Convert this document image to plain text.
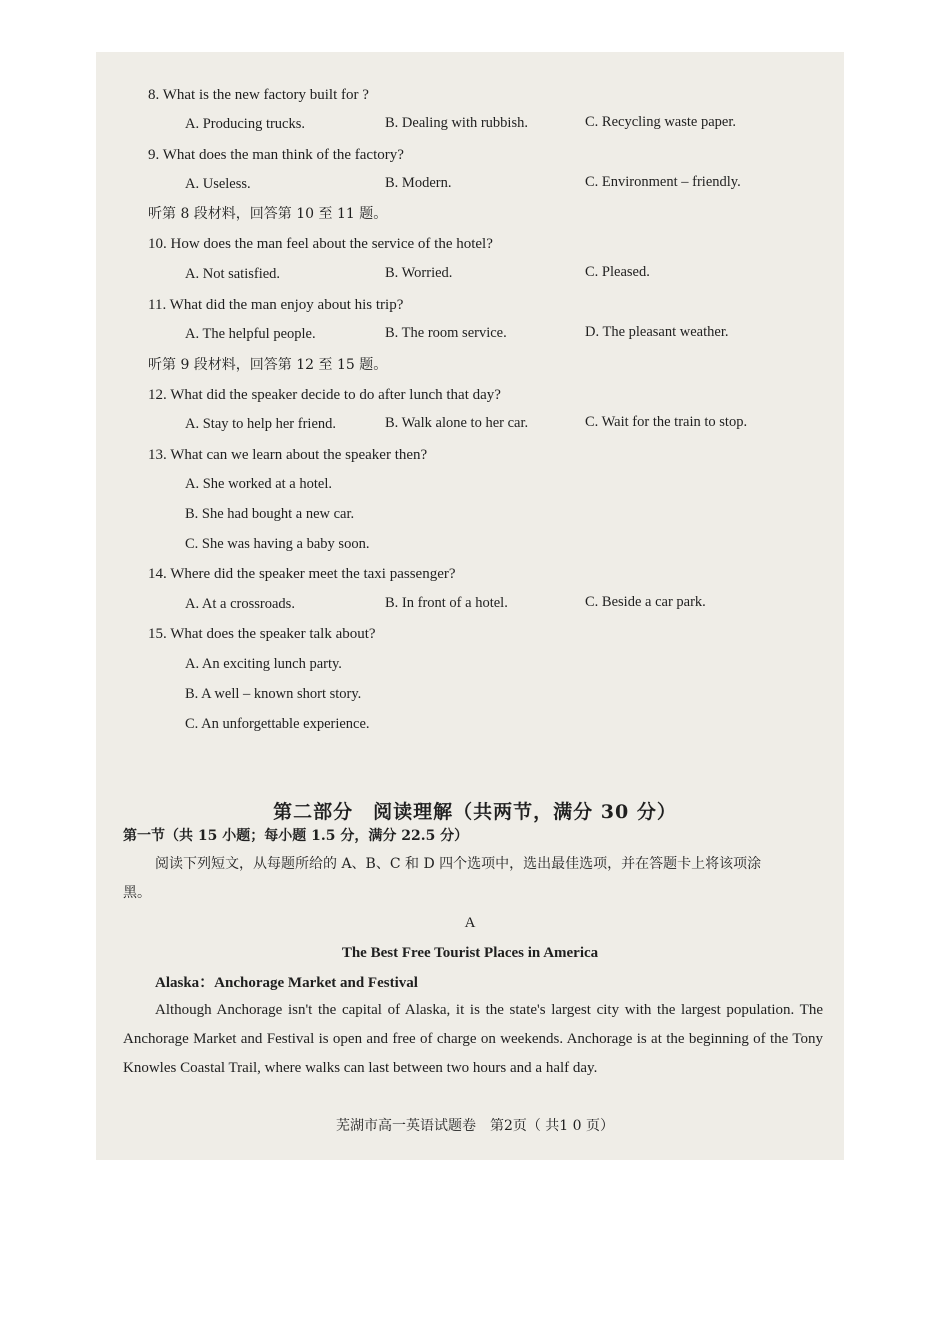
8. What is the new factory built for ?
A. Producing trucks.	B. Dealing with rubbish.	C. Recycling waste paper.
9. What does the man think of the factory?
A. Useless.	B. Modern.	C. Environment – friendly.
听第 8 段材料，回答第 10 至 11 题。
10. How does the man feel about the service of the hotel?
A. Not satisfied.	B. Worried.	C. Pleased.
11. What did the man enjoy about his trip?
A. The helpful people.	B. The room service.	D. The pleasant weather.
听第 9 段材料，回答第 12 至 15 题。
12. What did the speaker decide to do after lunch that day?
A. Stay to help her friend.	B. Walk alone to her car.	C. Wait for the train to stop.
13. What can we learn about the speaker then?
A. She worked at a hotel.
B. She had bought a new car.
C. She was having a baby soon.
14. Where did the speaker meet the taxi passenger?
A. At a crossroads.	B. In front of a hotel.	C. Beside a car park.
15. What does the speaker talk about?
A. An exciting lunch party.
B. A well – known short story.
C. An unforgettable experience.
第二部分　阅读理解（共两节，满分 30 分）
第一节（共 15 小题；每小题 1.5 分，满分 22.5 分）
阅读下列短文，从每题所给的 A、B、C 和 D 四个选项中，选出最佳选项，并在答题卡上将该项涂
黑。
A
The Best Free Tourist Places in America
Alaska：Anchorage Market and Festival
Although Anchorage isn't the capital of Alaska, it is the state's largest city with the largest population. The Anchorage Market and Festival is open and free of charge on weekends. Anchorage is at the beginning of the Tony Knowles Coastal Trail, where walks can last between two hours and a half day.
芜湖市高一英语试题卷　第2页（ 共1 0 页）
